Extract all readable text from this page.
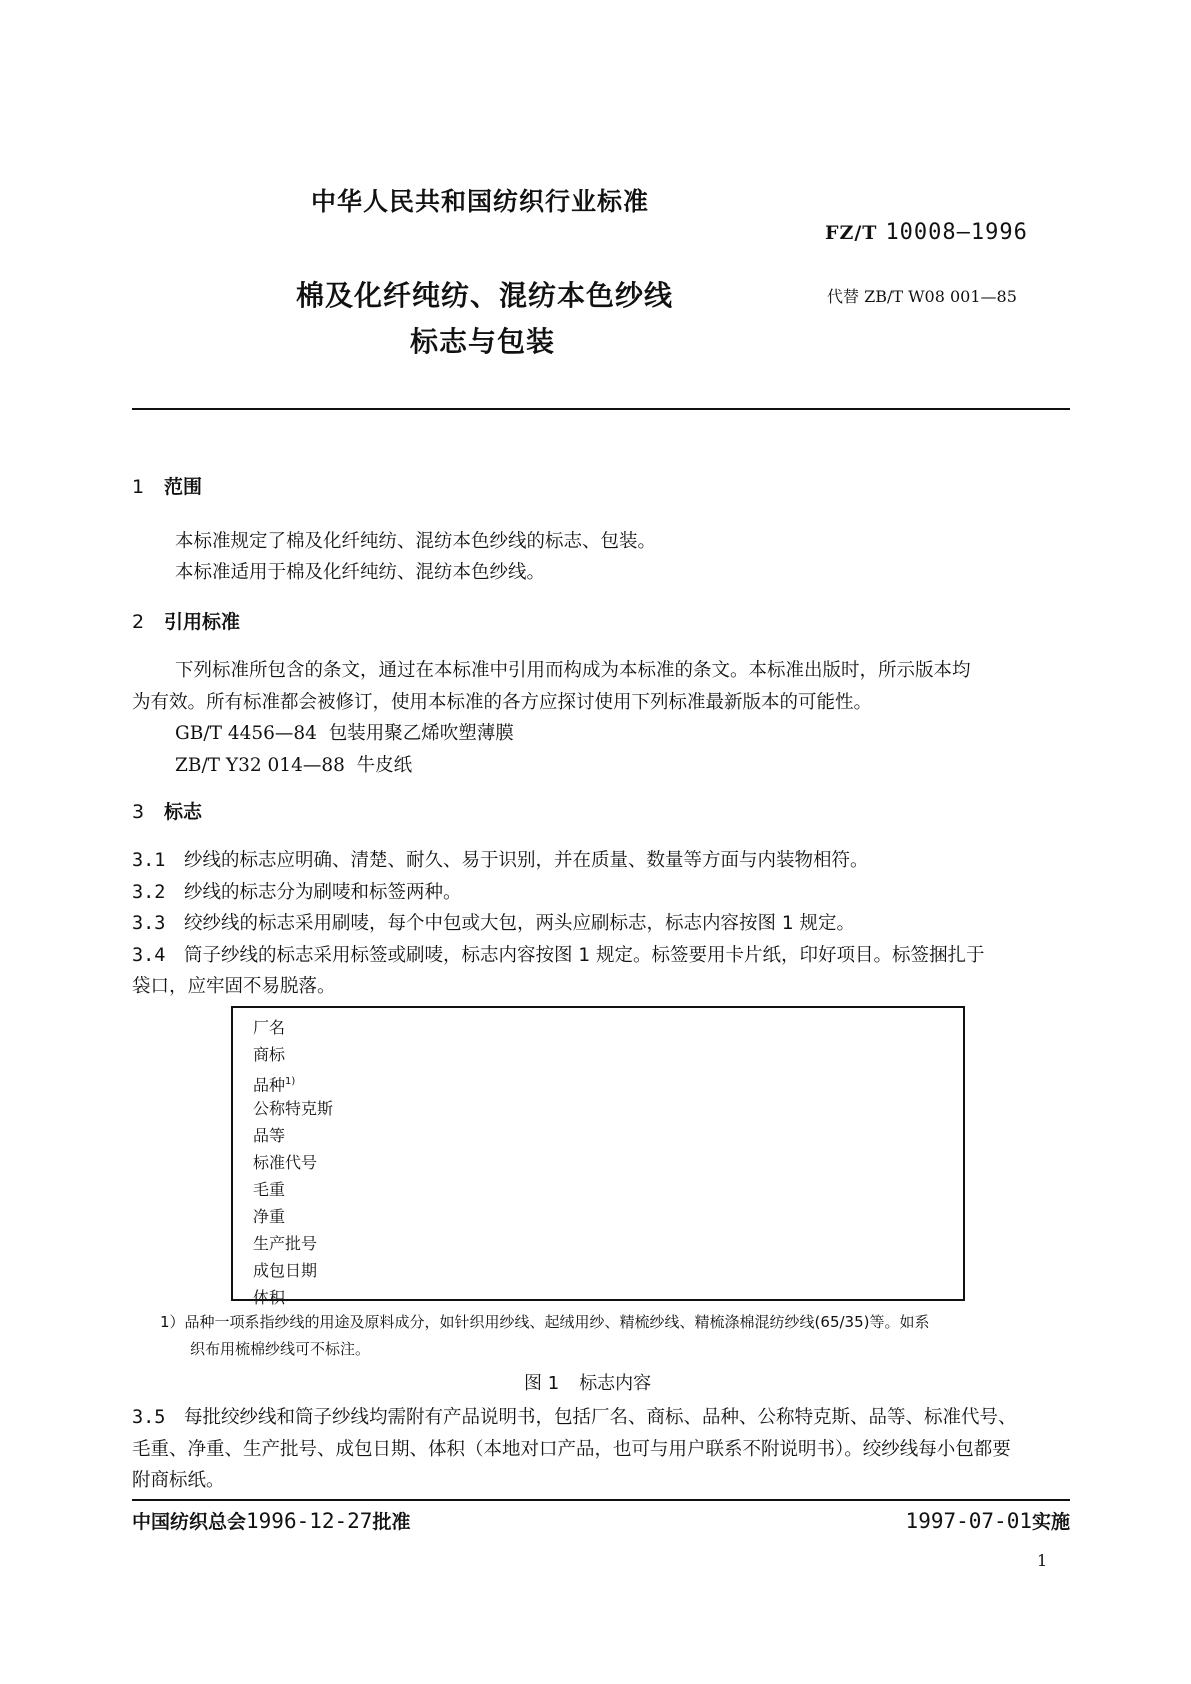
中华人民共和国纺织行业标准
FZ/T 10008—1996
棉及化纤纯纺、混纺本色纱线
标志与包装
代替 ZB/T W08 001—85
1 范围
本标准规定了棉及化纤纯纺、混纺本色纱线的标志、包装。
本标准适用于棉及化纤纯纺、混纺本色纱线。
2 引用标准
下列标准所包含的条文，通过在本标准中引用而构成为本标准的条文。本标准出版时，所示版本均
为有效。所有标准都会被修订，使用本标准的各方应探讨使用下列标准最新版本的可能性。
GB/T 4456—84 包装用聚乙烯吹塑薄膜
ZB/T Y32 014—88 牛皮纸
3 标志
3.1 纱线的标志应明确、清楚、耐久、易于识别，并在质量、数量等方面与内装物相符。
3.2 纱线的标志分为刷唛和标签两种。
3.3 绞纱线的标志采用刷唛，每个中包或大包，两头应刷标志，标志内容按图 1 规定。
3.4 筒子纱线的标志采用标签或刷唛，标志内容按图 1 规定。标签要用卡片纸，印好项目。标签捆扎于
袋口，应牢固不易脱落。
厂名
商标
品种$^{1)}$
公称特克斯
品等
标准代号
毛重
净重
生产批号
成包日期
体积
1）品种一项系指纱线的用途及原料成分，如针织用纱线、起绒用纱、精梳纱线、精梳涤棉混纺纱线(65/35)等。如系
织布用梳棉纱线可不标注。
图 1 标志内容
3.5 每批绞纱线和筒子纱线均需附有产品说明书，包括厂名、商标、品种、公称特克斯、品等、标准代号、
毛重、净重、生产批号、成包日期、体积（本地对口产品，也可与用户联系不附说明书）。绞纱线每小包都要
附商标纸。
中国纺织总会1996-12-27批准	1997-07-01实施
1
